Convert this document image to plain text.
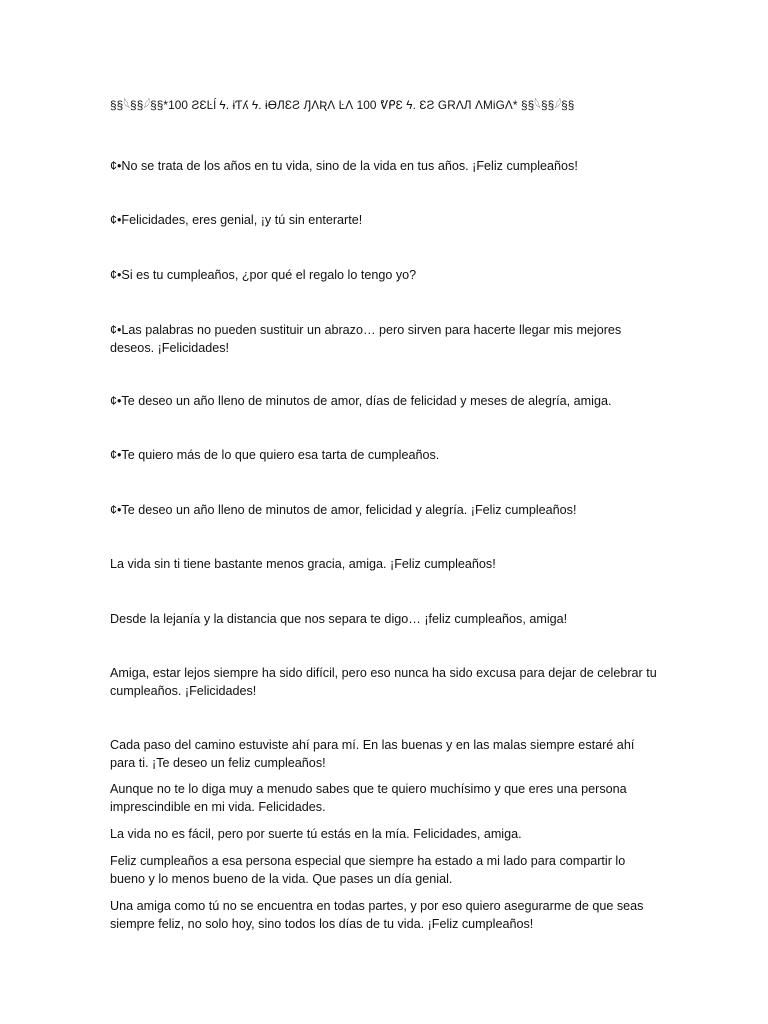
§§𓆩§§𓆪§§*100 ƧƐĿĺ ϟ. ɨƬʎ ϟ. ɨϴЛƐƧ ԒɅƦɅ ĿɅ 100 ᕓᑭƐ ϟ. ƐƧ GRɅЛ ɅMiGɅ* §§𓆩§§𓆪§§
¢•No se trata de los años en tu vida, sino de la vida en tus años. ¡Feliz cumpleaños!
¢•Felicidades, eres genial, ¡y tú sin enterarte!
¢•Si es tu cumpleaños, ¿por qué el regalo lo tengo yo?
¢•Las palabras no pueden sustituir un abrazo… pero sirven para hacerte llegar mis mejores deseos. ¡Felicidades!
¢•Te deseo un año lleno de minutos de amor, días de felicidad y meses de alegría, amiga.
¢•Te quiero más de lo que quiero esa tarta de cumpleaños.
¢•Te deseo un año lleno de minutos de amor, felicidad y alegría. ¡Feliz cumpleaños!
La vida sin ti tiene bastante menos gracia, amiga. ¡Feliz cumpleaños!
Desde la lejanía y la distancia que nos separa te digo… ¡feliz cumpleaños, amiga!
Amiga, estar lejos siempre ha sido difícil, pero eso nunca ha sido excusa para dejar de celebrar tu cumpleaños. ¡Felicidades!
Cada paso del camino estuviste ahí para mí. En las buenas y en las malas siempre estaré ahí para ti. ¡Te deseo un feliz cumpleaños!
Aunque no te lo diga muy a menudo sabes que te quiero muchísimo y que eres una persona imprescindible en mi vida. Felicidades.
La vida no es fácil, pero por suerte tú estás en la mía. Felicidades, amiga.
Feliz cumpleaños a esa persona especial que siempre ha estado a mi lado para compartir lo bueno y lo menos bueno de la vida. Que pases un día genial.
Una amiga como tú no se encuentra en todas partes, y por eso quiero asegurarme de que seas siempre feliz, no solo hoy, sino todos los días de tu vida. ¡Feliz cumpleaños!
